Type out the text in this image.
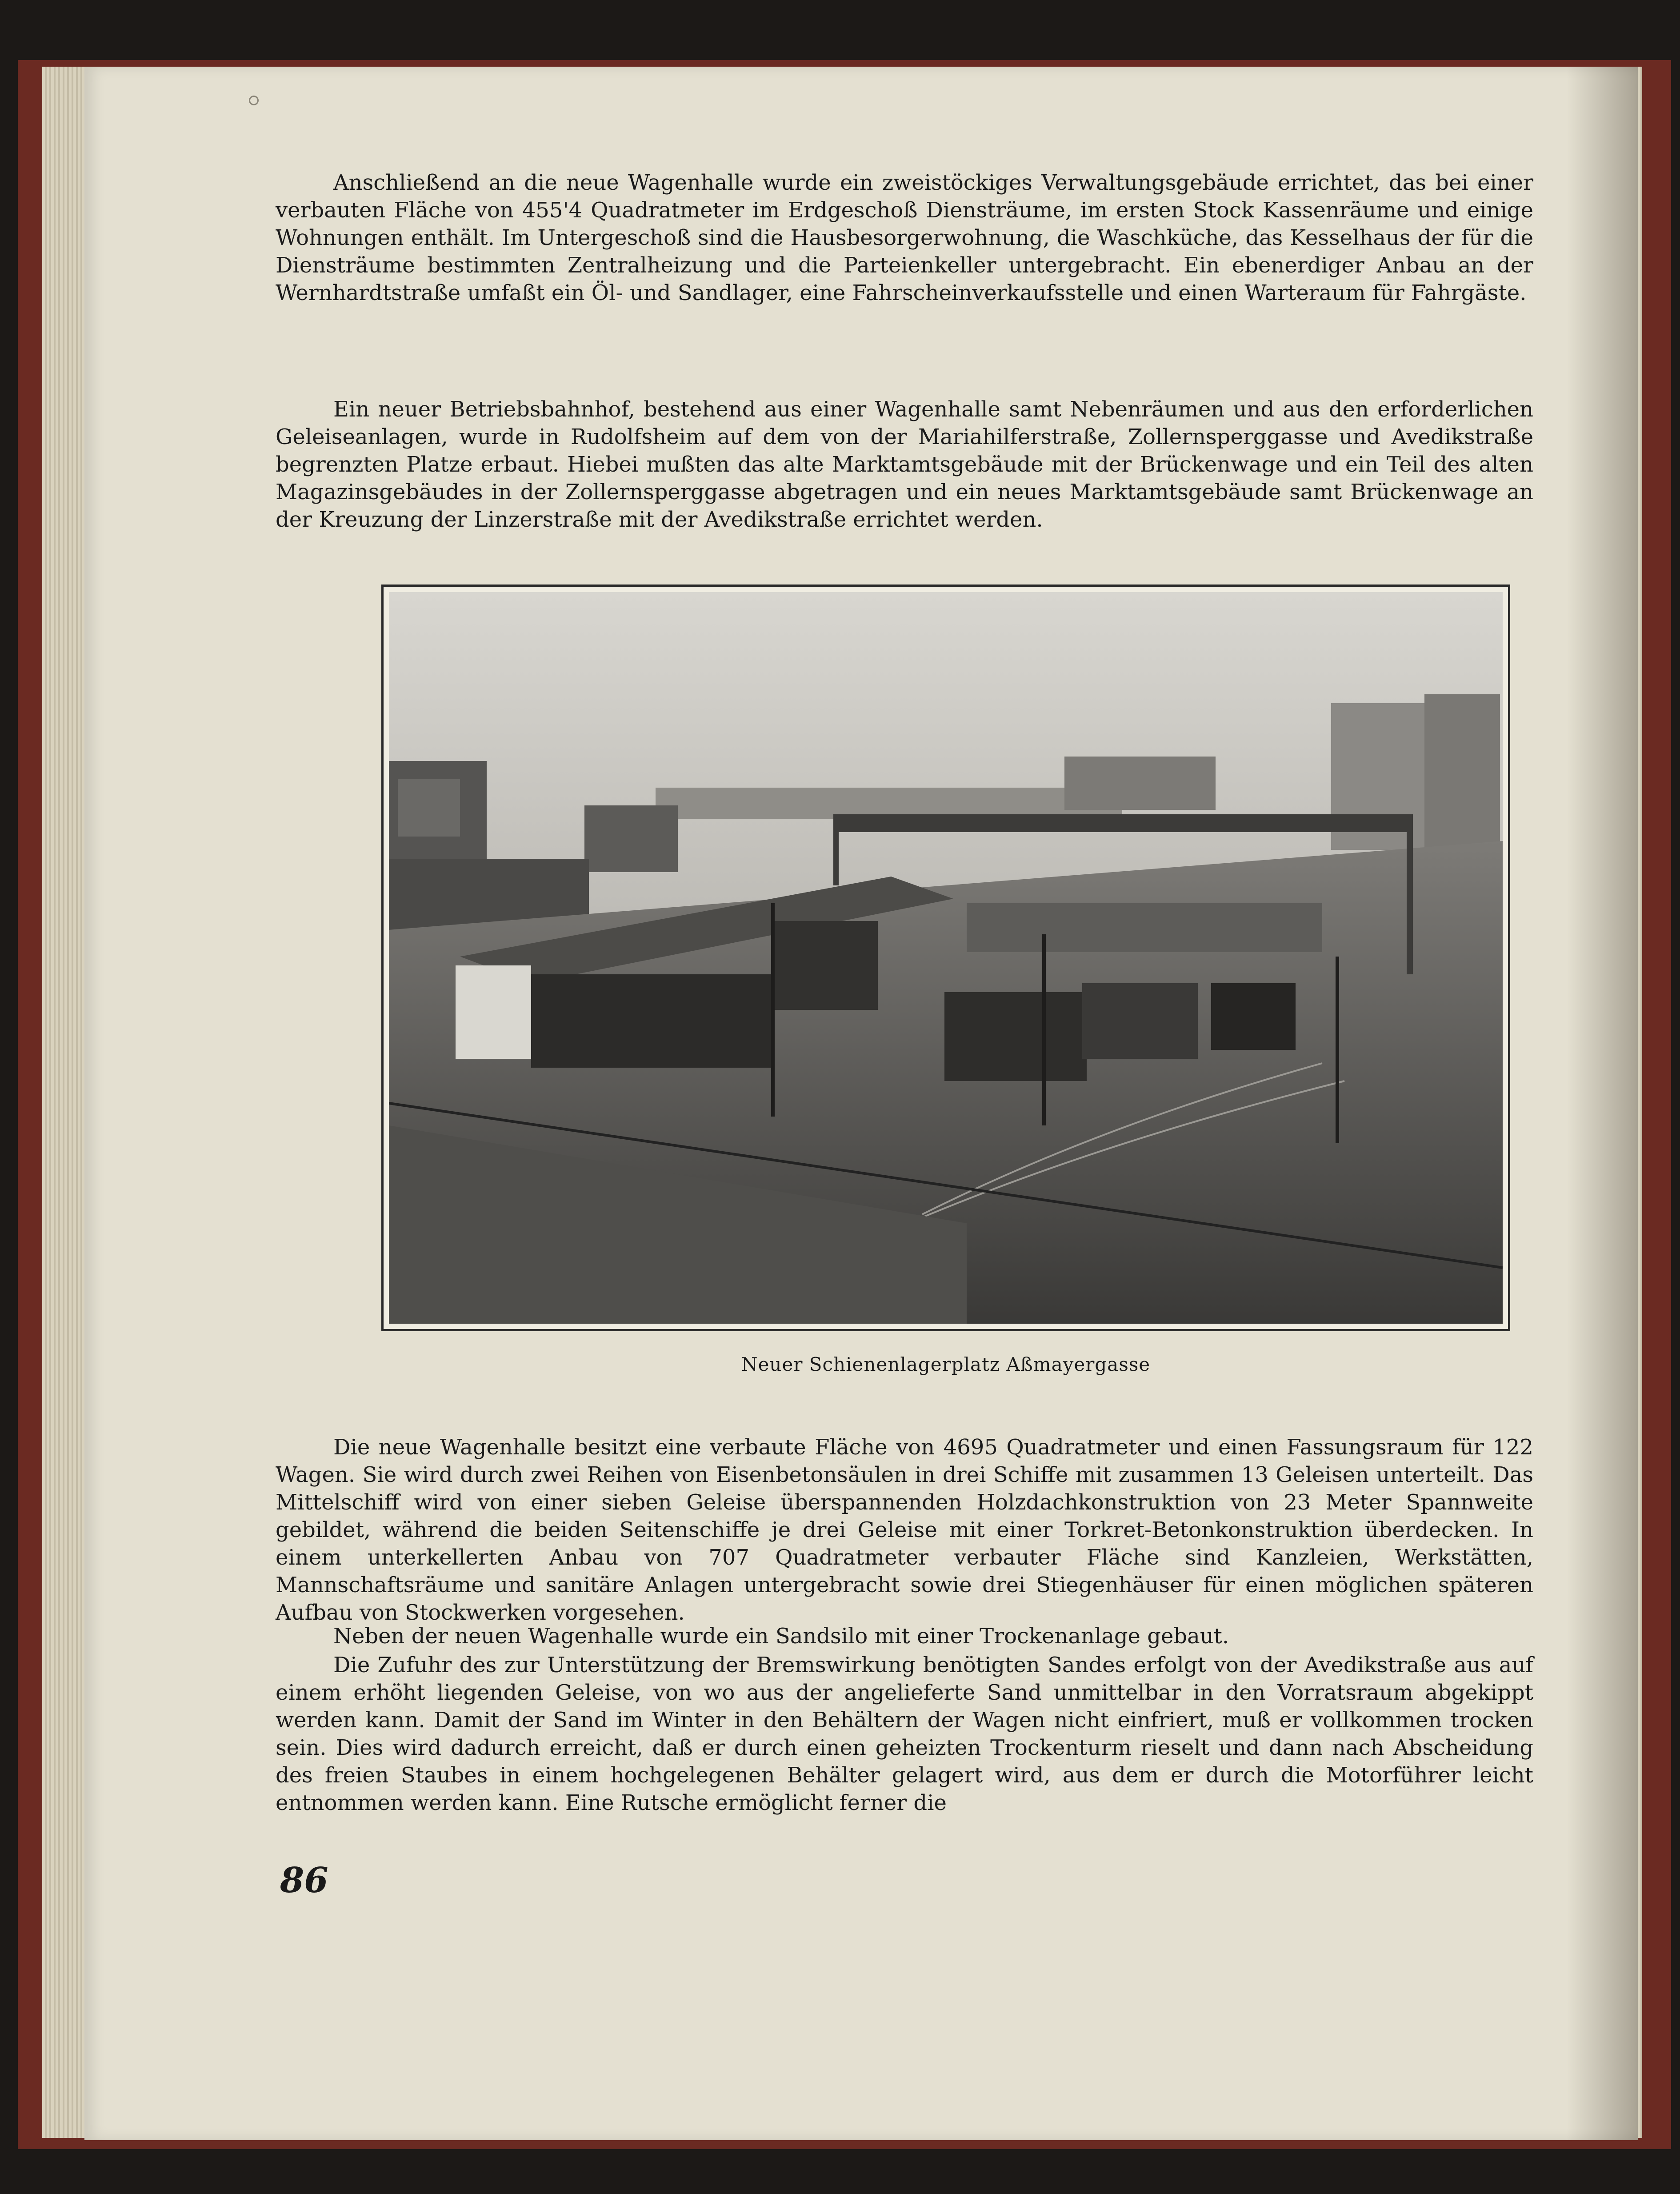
Anschließend an die neue Wagenhalle wurde ein zweistöckiges Verwaltungsgebäude errichtet, das bei einer verbauten Fläche von 455'4 Quadratmeter im Erdgeschoß Diensträume, im ersten Stock Kassenräume und einige Wohnungen enthält. Im Untergeschoß sind die Hausbesorgerwohnung, die Waschküche, das Kesselhaus der für die Diensträume bestimmten Zentralheizung und die Parteienkeller untergebracht. Ein ebenerdiger Anbau an der Wernhardtstraße umfaßt ein Öl- und Sandlager, eine Fahrscheinverkaufsstelle und einen Warteraum für Fahrgäste.

Ein neuer Betriebsbahnhof, bestehend aus einer Wagenhalle samt Nebenräumen und aus den erforderlichen Geleiseanlagen, wurde in Rudolfsheim auf dem von der Mariahilferstraße, Zollernsperggasse und Avedikstraße begrenzten Platze erbaut. Hiebei mußten das alte Marktamtsgebäude mit der Brückenwage und ein Teil des alten Magazinsgebäudes in der Zollernsperggasse abgetragen und ein neues Marktamtsgebäude samt Brückenwage an der Kreuzung der Linzerstraße mit der Avedikstraße errichtet werden.

Neuer Schienenlagerplatz Aßmayergasse

Die neue Wagenhalle besitzt eine verbaute Fläche von 4695 Quadratmeter und einen Fassungsraum für 122 Wagen. Sie wird durch zwei Reihen von Eisenbetonsäulen in drei Schiffe mit zusammen 13 Geleisen unterteilt. Das Mittelschiff wird von einer sieben Geleise überspannenden Holzdachkonstruktion von 23 Meter Spannweite gebildet, während die beiden Seitenschiffe je drei Geleise mit einer Torkret-Betonkonstruktion überdecken. In einem unterkellerten Anbau von 707 Quadratmeter verbauter Fläche sind Kanzleien, Werkstätten, Mannschaftsräume und sanitäre Anlagen untergebracht sowie drei Stiegenhäuser für einen möglichen späteren Aufbau von Stockwerken vorgesehen.

Neben der neuen Wagenhalle wurde ein Sandsilo mit einer Trockenanlage gebaut.

Die Zufuhr des zur Unterstützung der Bremswirkung benötigten Sandes erfolgt von der Avedikstraße aus auf einem erhöht liegenden Geleise, von wo aus der angelieferte Sand unmittelbar in den Vorratsraum abgekippt werden kann. Damit der Sand im Winter in den Behältern der Wagen nicht einfriert, muß er vollkommen trocken sein. Dies wird dadurch erreicht, daß er durch einen geheizten Trockenturm rieselt und dann nach Abscheidung des freien Staubes in einem hochgelegenen Behälter gelagert wird, aus dem er durch die Motorführer leicht entnommen werden kann. Eine Rutsche ermöglicht ferner die

86
